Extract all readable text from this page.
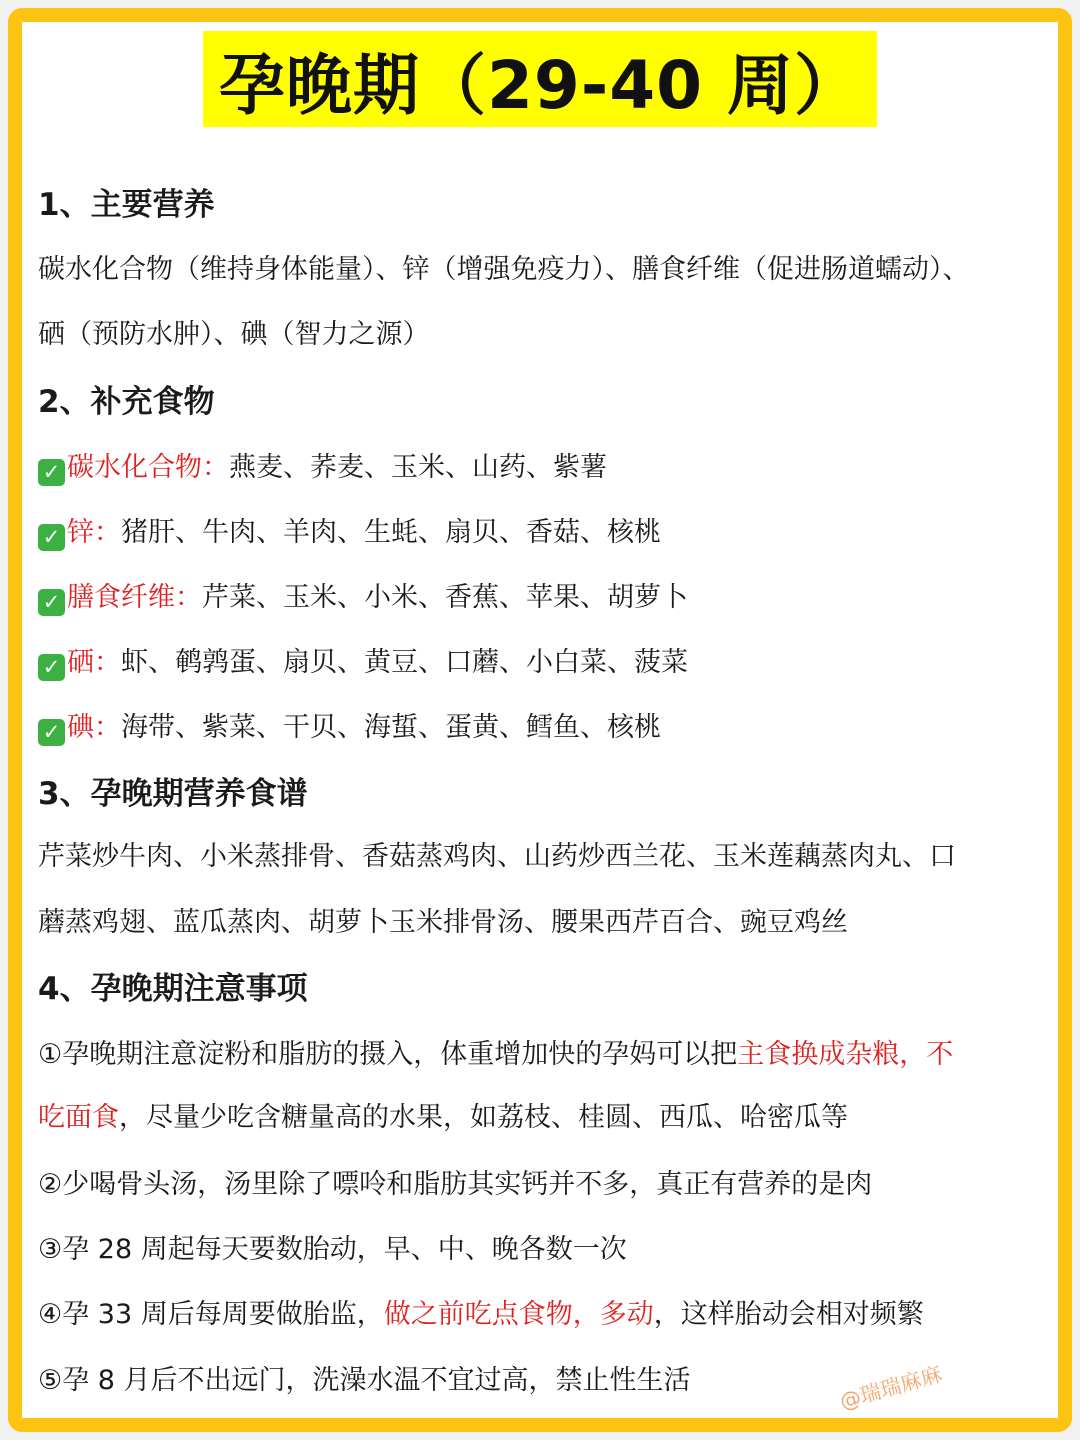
孕晚期（29-40 周）
1、主要营养
碳水化合物（维持身体能量）、锌（增强免疫力）、膳食纤维（促进肠道蠕动）、
硒（预防水肿）、碘（智力之源）
2、补充食物
✓ 碳水化合物：燕麦、荞麦、玉米、山药、紫薯
✓ 锌：猪肝、牛肉、羊肉、生蚝、扇贝、香菇、核桃
✓ 膳食纤维：芹菜、玉米、小米、香蕉、苹果、胡萝卜
✓ 硒：虾、鹌鹑蛋、扇贝、黄豆、口蘑、小白菜、菠菜
✓ 碘：海带、紫菜、干贝、海蜇、蛋黄、鳕鱼、核桃
3、孕晚期营养食谱
芹菜炒牛肉、小米蒸排骨、香菇蒸鸡肉、山药炒西兰花、玉米莲藕蒸肉丸、口
蘑蒸鸡翅、蓝瓜蒸肉、胡萝卜玉米排骨汤、腰果西芹百合、豌豆鸡丝
4、孕晚期注意事项
①孕晚期注意淀粉和脂肪的摄入，体重增加快的孕妈可以把主食换成杂粮，不
吃面食，尽量少吃含糖量高的水果，如荔枝、桂圆、西瓜、哈密瓜等
②少喝骨头汤，汤里除了嘌呤和脂肪其实钙并不多，真正有营养的是肉
③孕 28 周起每天要数胎动，早、中、晚各数一次
④孕 33 周后每周要做胎监，做之前吃点食物，多动，这样胎动会相对频繁
⑤孕 8 月后不出远门，洗澡水温不宜过高，禁止性生活	@瑞瑞麻麻
